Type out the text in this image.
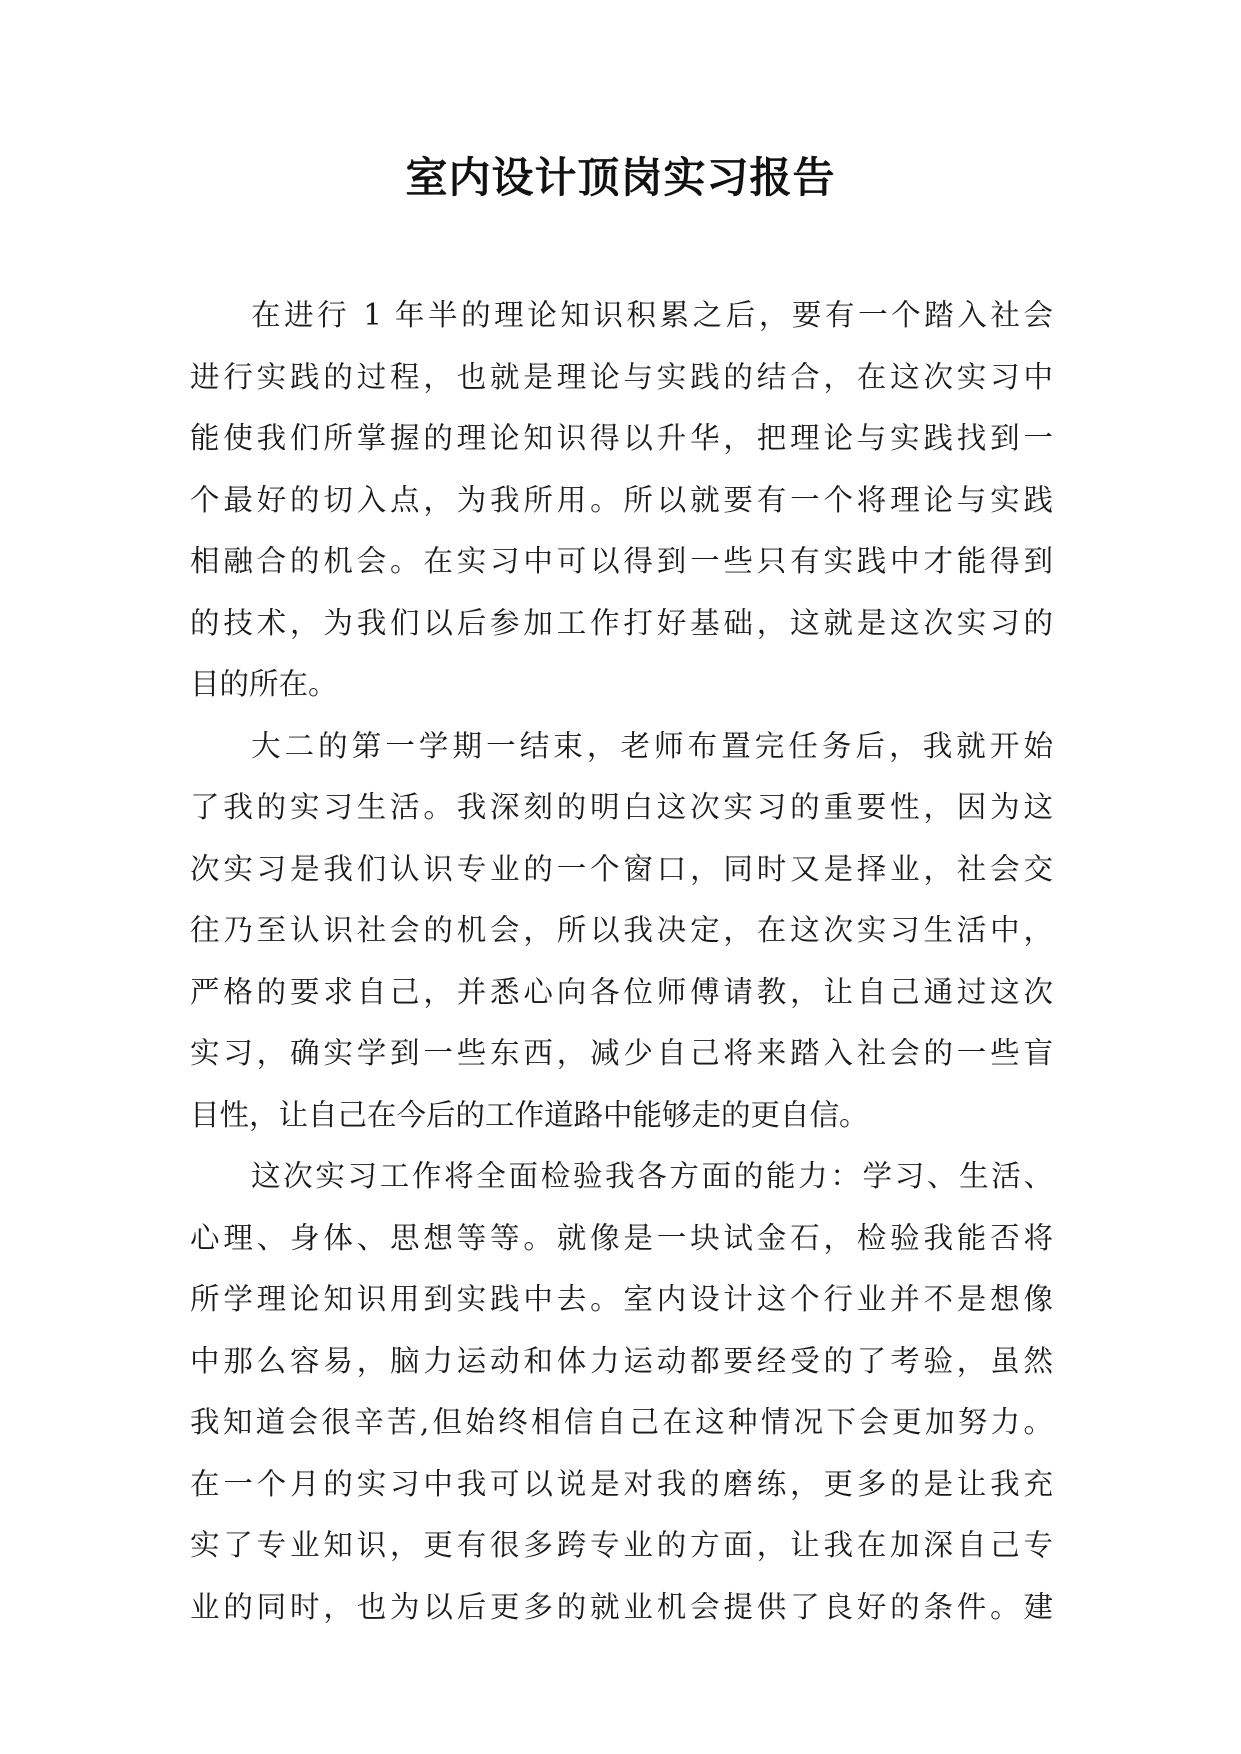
室内设计顶岗实习报告
在进行 1 年半的理论知识积累之后，要有一个踏入社会
进行实践的过程，也就是理论与实践的结合，在这次实习中
能使我们所掌握的理论知识得以升华，把理论与实践找到一
个最好的切入点，为我所用。所以就要有一个将理论与实践
相融合的机会。在实习中可以得到一些只有实践中才能得到
的技术，为我们以后参加工作打好基础，这就是这次实习的
目的所在。
大二的第一学期一结束，老师布置完任务后，我就开始
了我的实习生活。我深刻的明白这次实习的重要性，因为这
次实习是我们认识专业的一个窗口，同时又是择业，社会交
往乃至认识社会的机会，所以我决定，在这次实习生活中，
严格的要求自己，并悉心向各位师傅请教，让自己通过这次
实习，确实学到一些东西，减少自己将来踏入社会的一些盲
目性，让自己在今后的工作道路中能够走的更自信。
这次实习工作将全面检验我各方面的能力：学习、生活、
心理、身体、思想等等。就像是一块试金石，检验我能否将
所学理论知识用到实践中去。室内设计这个行业并不是想像
中那么容易，脑力运动和体力运动都要经受的了考验，虽然
我知道会很辛苦,但始终相信自己在这种情况下会更加努力。
在一个月的实习中我可以说是对我的磨练，更多的是让我充
实了专业知识，更有很多跨专业的方面，让我在加深自己专
业的同时，也为以后更多的就业机会提供了良好的条件。建
